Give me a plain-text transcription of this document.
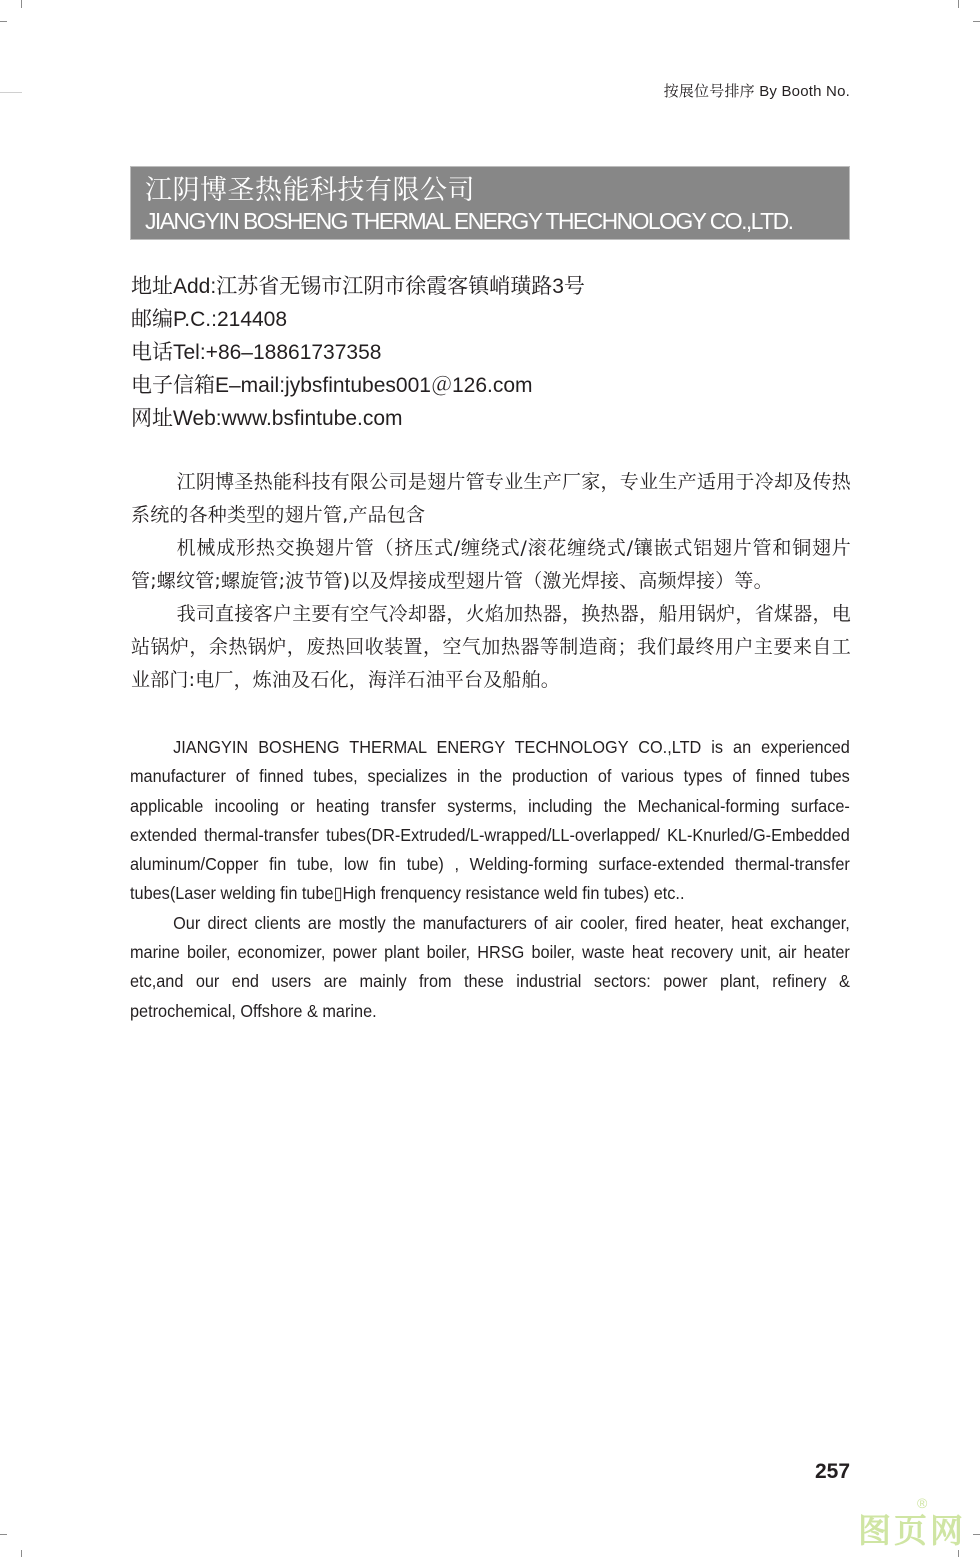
按展位号排序 By Booth No.
江阴博圣热能科技有限公司
JIANGYIN BOSHENG THERMAL ENERGY THECHNOLOGY CO.,LTD.
地址Add:江苏省无锡市江阴市徐霞客镇峭璜路3号
邮编P.C.:214408
电话Tel:+86–18861737358
电子信箱E–mail:jybsfintubes001＠126.com
网址Web:www.bsfintube.com

江阴博圣热能科技有限公司是翅片管专业生产厂家，专业生产适用于冷却及传热系统的各种类型的翅片管,产品包含

机械成形热交换翅片管（挤压式/缠绕式/滚花缠绕式/镶嵌式铝翅片管和铜翅片管;螺纹管;螺旋管;波节管)以及焊接成型翅片管（激光焊接、高频焊接）等。

我司直接客户主要有空气冷却器，火焰加热器，换热器，船用锅炉，省煤器，电站锅炉，余热锅炉，废热回收装置，空气加热器等制造商；我们最终用户主要来自工业部门:电厂，炼油及石化，海洋石油平台及船舶。

JIANGYIN BOSHENG THERMAL ENERGY TECHNOLOGY CO.,LTD is an experienced manufacturer of finned tubes, specializes in the production of various types of finned tubes applicable incooling or heating transfer systerms, including the Mechanical-forming surface-extended thermal-transfer tubes(DR-Extruded/L-wrapped/LL-overlapped/ KL-Knurled/G-Embedded aluminum/Copper fin tube, low fin tube) , Welding-forming surface-extended thermal-transfer tubes(Laser welding fin tube▯High frenquency resistance weld fin tubes) etc..

Our direct clients are mostly the manufacturers of air cooler, fired heater, heat exchanger, marine boiler, economizer, power plant boiler, HRSG boiler, waste heat recovery unit, air heater etc,and our end users are mainly from these industrial sectors: power plant, refinery & petrochemical, Offshore & marine.

257
图页网
®
